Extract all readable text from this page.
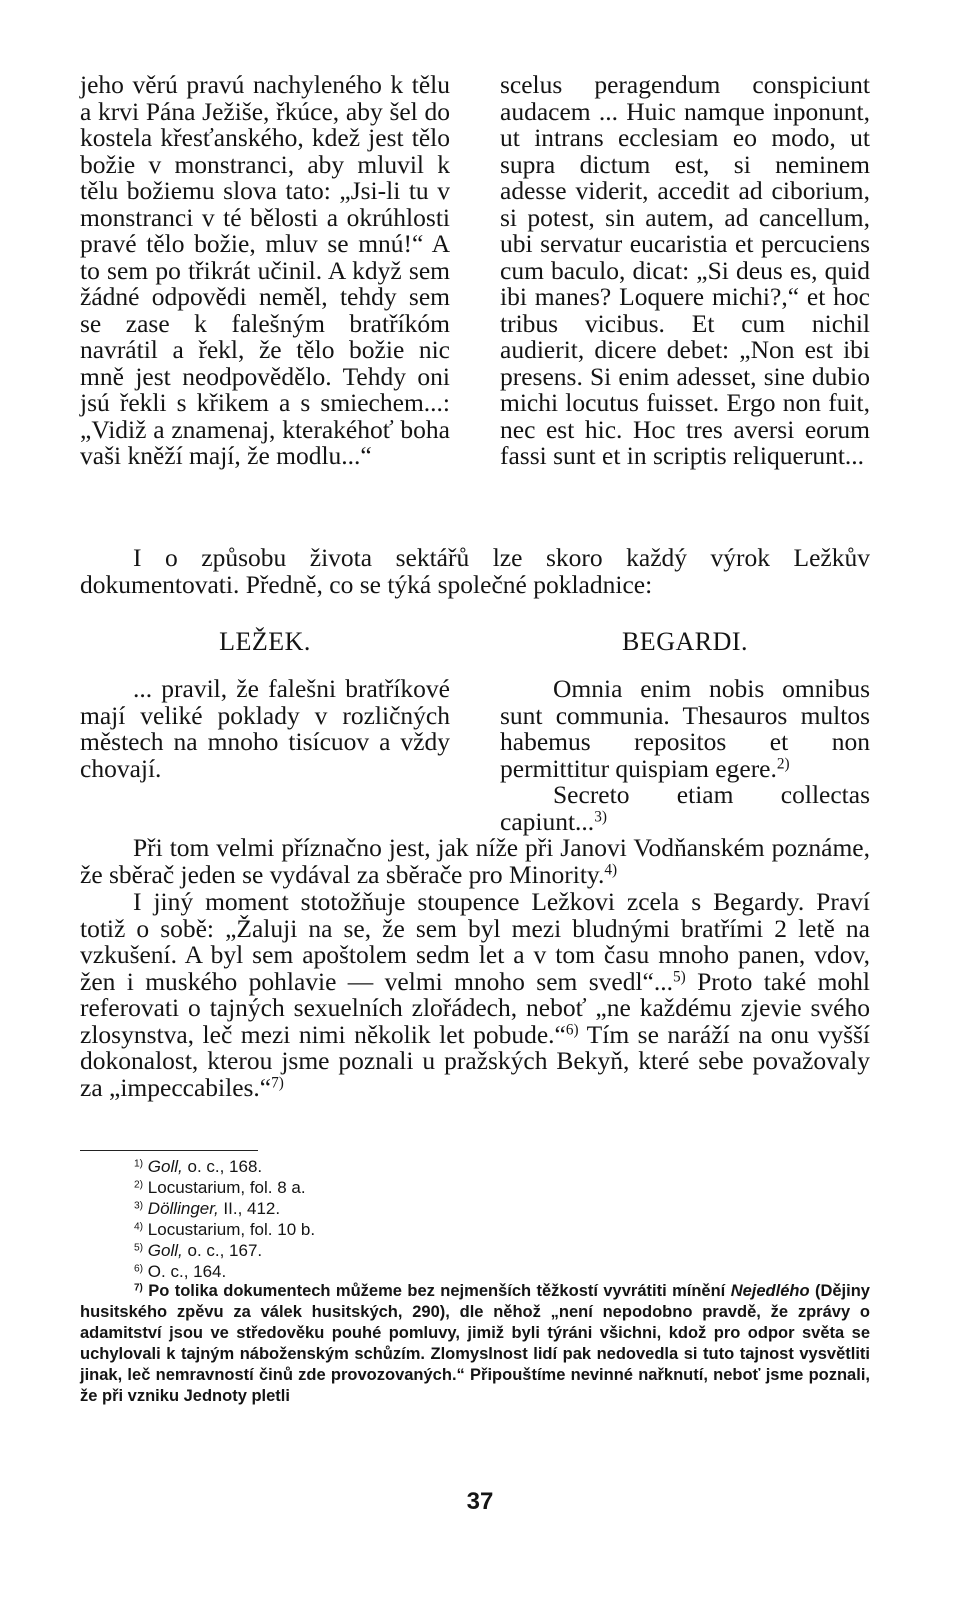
jeho věrú pravú nachyleného k tělu a krvi Pána Ježiše, řkúce, aby šel do kostela křesťanského, kdež jest tělo božie v monstranci, aby mluvil k tělu božiemu slova tato: „Jsi-li tu v monstranci v té bělosti a okrúhlosti pravé tělo božie, mluv se mnú!“ A to sem po třikrát učinil. A když sem žádné odpovědi neměl, tehdy sem se zase k falešným bratříkóm navrátil a řekl, že tělo božie nic mně jest neodpovědělo. Tehdy oni jsú řekli s křikem a s smiechem...: „Vidiž a znamenaj, kterakéhoť boha vaši kněží mají, že modlu...“

scelus peragendum conspiciunt audacem ... Huic namque inponunt, ut intrans ecclesiam eo modo, ut supra dictum est, si neminem adesse viderit, accedit ad ciborium, si potest, sin autem, ad cancellum, ubi servatur eucaristia et percuciens cum baculo, dicat: „Si deus es, quid ibi manes? Loquere michi?,“ et hoc tribus vicibus. Et cum nichil audierit, dicere debet: „Non est ibi presens. Si enim adesset, sine dubio michi locutus fuisset. Ergo non fuit, nec est hic. Hoc tres aversi eorum fassi sunt et in scriptis reliquerunt...

I o způsobu života sektářů lze skoro každý výrok Ležkův dokumentovati. Předně, co se týká společné pokladnice:

LEŽEK.	BEGARDI.

... pravil, že falešni bratříkové mají veliké poklady v rozličných městech na mnoho tisícuov a vždy chovají.

Omnia enim nobis omnibus sunt communia. Thesauros multos habemus repositos et non permittitur quispiam egere.$^{2)}$

Secreto etiam collectas capiunt...$^{3)}$

Při tom velmi příznačno jest, jak níže při Janovi Vodňanském poznáme, že sběrač jeden se vydával za sběrače pro Minority.$^{4)}$

I jiný moment stotožňuje stoupence Ležkovi zcela s Begardy. Praví totiž o sobě: „Žaluji na se, že sem byl mezi bludnými bratřími 2 letě na vzkušení. A byl sem apoštolem sedm let a v tom času mnoho panen, vdov, žen i muského pohlavie — velmi mnoho sem svedl“...$^{5)}$ Proto také mohl referovati o tajných sexuelních zlořádech, neboť „ne každému zjevie svého zlosynstva, leč mezi nimi několik let pobude.“$^{6)}$ Tím se naráží na onu vyšší dokonalost, kterou jsme poznali u pražských Bekyň, které sebe považovaly za „impeccabiles.“$^{7)}$

$^{1)}$ Goll, o. c., 168.
$^{2)}$ Locustarium, fol. 8 a.
$^{3)}$ Döllinger, II., 412.
$^{4)}$ Locustarium, fol. 10 b.
$^{5)}$ Goll, o. c., 167.
$^{6)}$ O. c., 164.

$^{7)}$ Po tolika dokumentech můžeme bez nejmenších těžkostí vyvrátiti mínění Nejedlého (Dějiny husitského zpěvu za válek husitských, 290), dle něhož „není nepodobno pravdě, že zprávy o adamitství jsou ve středověku pouhé pomluvy, jimiž byli týráni všichni, kdož pro odpor světa se uchylovali k tajným náboženským schůzím. Zlomyslnost lidí pak nedovedla si tuto tajnost vysvětliti jinak, leč nemravností činů zde provozovaných.“ Připouštíme nevinné nařknutí, neboť jsme poznali, že při vzniku Jednoty pletli

37
